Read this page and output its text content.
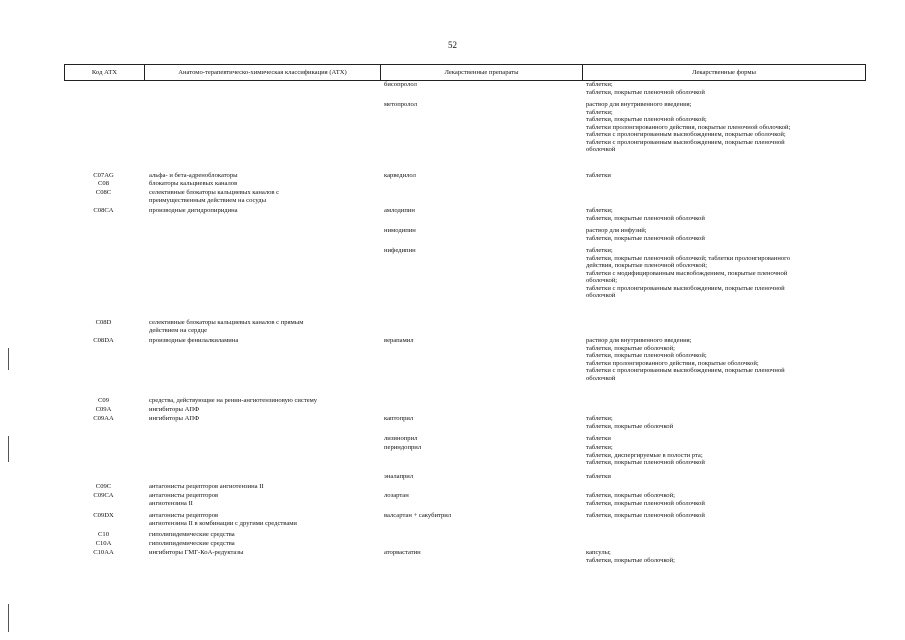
52
Код АТХ	Анатомо-терапевтическо-химическая классификация (АТХ)	Лекарственные препараты	Лекарственные формы
бисопролол	таблетки;
таблетки, покрытые пленочной оболочкой
метопролол	раствор для внутривенного введения;
таблетки;
таблетки, покрытые пленочной оболочкой;
таблетки пролонгированного действия, покрытые пленочной оболочкой;
таблетки с пролонгированным высвобождением, покрытые оболочкой;
таблетки с пролонгированным высвобождением, покрытые пленочной
оболочкой
C07AG	альфа- и бета-адреноблокаторы	карведилол	таблетки
C08	блокаторы кальциевых каналов
C08C	селективные блокаторы кальциевых каналов с
преимущественным действием на сосуды
C08CA	производные дигидропиридина	амлодипин	таблетки;
таблетки, покрытые пленочной оболочкой
нимодипин	раствор для инфузий;
таблетки, покрытые пленочной оболочкой
нифедипин	таблетки;
таблетки, покрытые пленочной оболочкой; таблетки пролонгированного
действия, покрытые пленочной оболочкой;
таблетки с модифицированным высвобождением, покрытые пленочной
оболочкой;
таблетки с пролонгированным высвобождением, покрытые пленочной
оболочкой
C08D	селективные блокаторы кальциевых каналов с прямым
действием на сердце
C08DA	производные фенилалкиламина	верапамил	раствор для внутривенного введения;
таблетки, покрытые оболочкой;
таблетки, покрытые пленочной оболочкой;
таблетки пролонгированного действия, покрытые оболочкой;
таблетки с пролонгированным высвобождением, покрытые пленочной
оболочкой
C09	средства, действующие на ренин-ангиотензиновую систему
C09A	ингибиторы АПФ
C09AA	ингибиторы АПФ	каптоприл	таблетки;
таблетки, покрытые оболочкой
лизиноприл	таблетки
периндоприл	таблетки;
таблетки, диспергируемые в полости рта;
таблетки, покрытые пленочной оболочкой
эналаприл	таблетки
C09C	антагонисты рецепторов ангиотензина II
C09CA	антагонисты рецепторов
ангиотензина II
лозартан	таблетки, покрытые оболочкой;
таблетки, покрытые пленочной оболочкой
C09DX	антагонисты рецепторов
ангиотензина II в комбинации с другими средствами
валсартан + сакубитрил	таблетки, покрытые пленочной оболочкой
C10	гиполипидемические средства
C10A	гиполипидемические средства
C10AA	ингибиторы ГМГ-КоА-редуктазы	аторвастатин	капсулы;
таблетки, покрытые оболочкой;
